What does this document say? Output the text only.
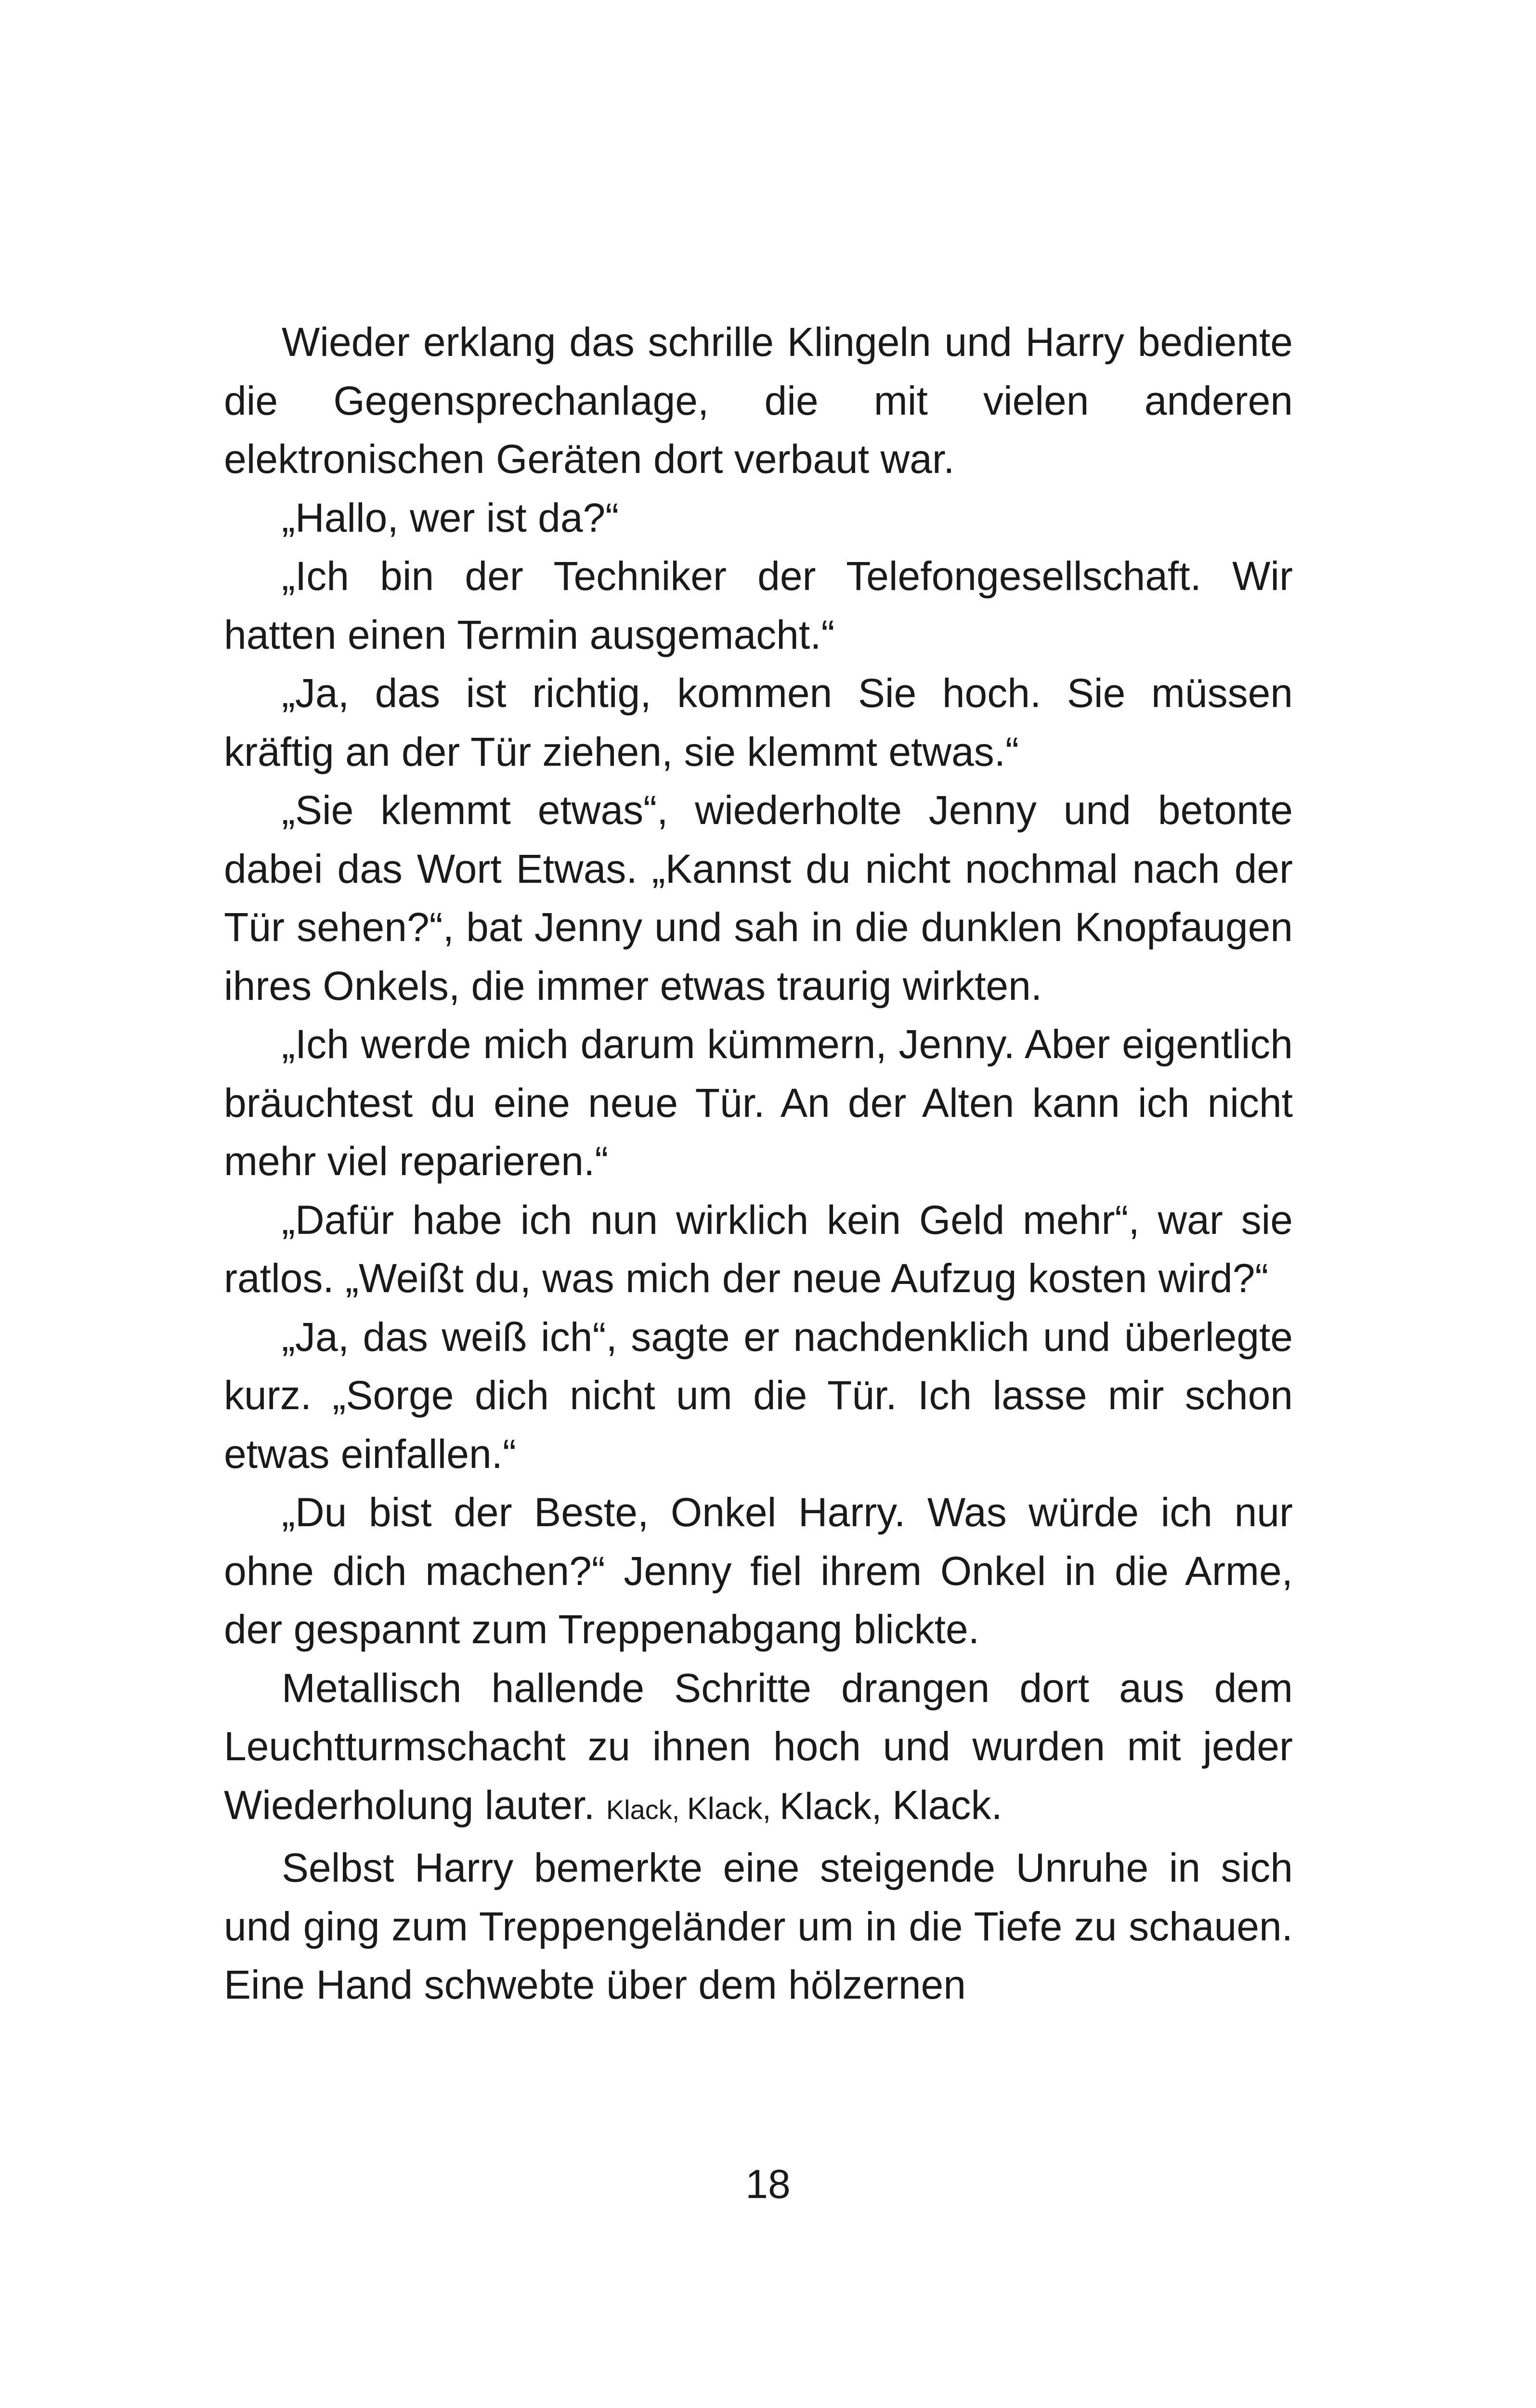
Wieder erklang das schrille Klingeln und Harry bediente die Gegensprechanlage, die mit vielen anderen elektronischen Geräten dort verbaut war.

„Hallo, wer ist da?“

„Ich bin der Techniker der Telefongesellschaft. Wir hatten einen Termin ausgemacht.“

„Ja, das ist richtig, kommen Sie hoch. Sie müssen kräftig an der Tür ziehen, sie klemmt etwas.“

„Sie klemmt etwas“, wiederholte Jenny und betonte dabei das Wort Etwas. „Kannst du nicht nochmal nach der Tür sehen?“, bat Jenny und sah in die dunklen Knopfaugen ihres Onkels, die immer etwas traurig wirkten.

„Ich werde mich darum kümmern, Jenny. Aber eigentlich bräuchtest du eine neue Tür. An der Alten kann ich nicht mehr viel reparieren.“

„Dafür habe ich nun wirklich kein Geld mehr“, war sie ratlos. „Weißt du, was mich der neue Aufzug kosten wird?“

„Ja, das weiß ich“, sagte er nachdenklich und überlegte kurz. „Sorge dich nicht um die Tür. Ich lasse mir schon etwas einfallen.“

„Du bist der Beste, Onkel Harry. Was würde ich nur ohne dich machen?“ Jenny fiel ihrem Onkel in die Arme, der gespannt zum Treppenabgang blickte.

Metallisch hallende Schritte drangen dort aus dem Leuchtturmschacht zu ihnen hoch und wurden mit jeder Wiederholung lauter. Klack, Klack, Klack, Klack.

Selbst Harry bemerkte eine steigende Unruhe in sich und ging zum Treppengeländer um in die Tiefe zu schauen. Eine Hand schwebte über dem hölzernen

18
